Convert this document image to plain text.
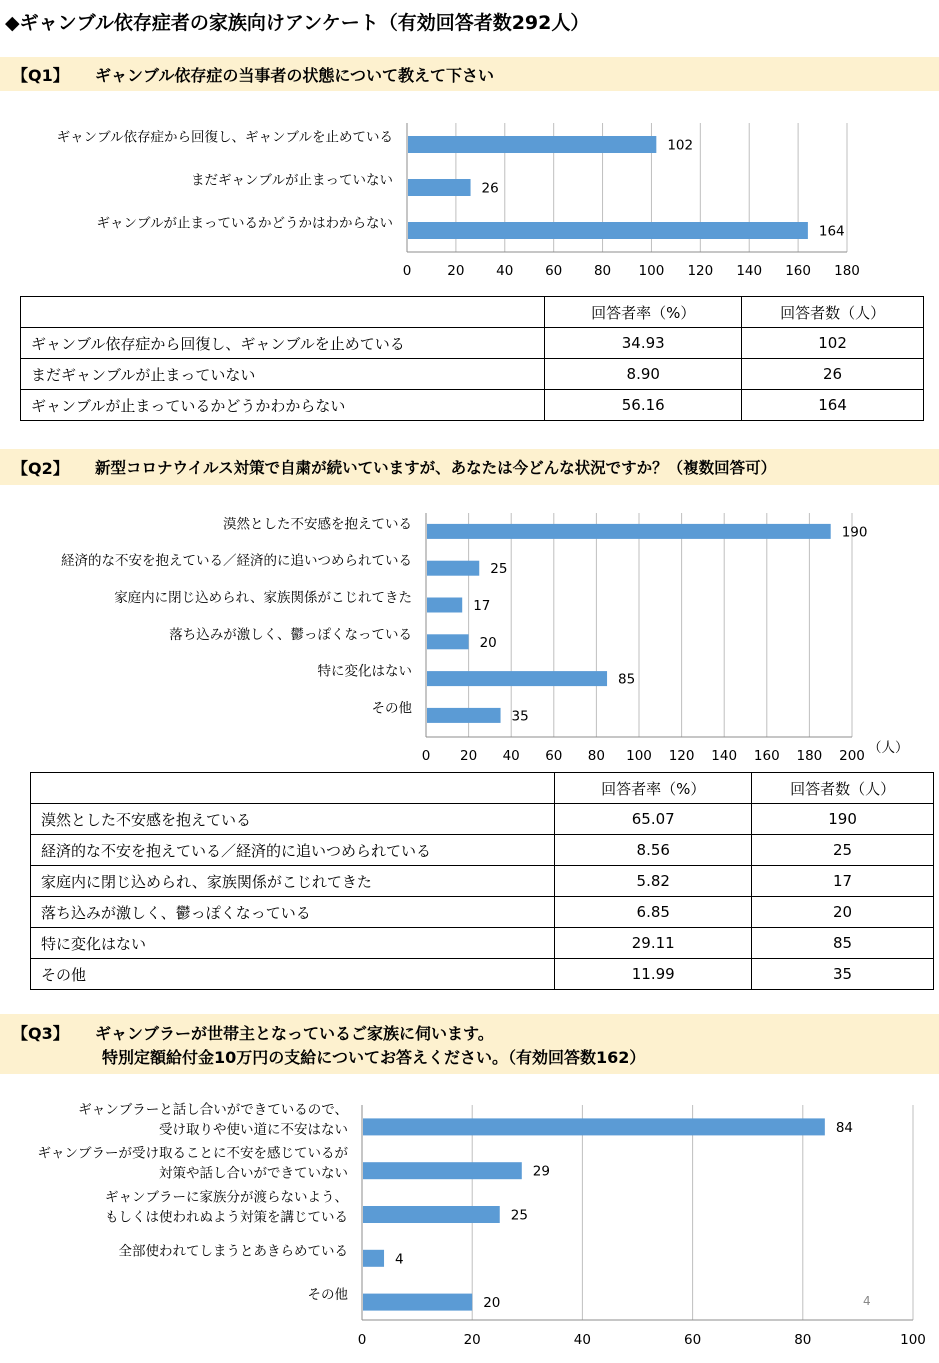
◆ギャンブル依存症者の家族向けアンケート（有効回答者数292人）
【Q1】 ギャンブル依存症の当事者の状態について教えて下さい
0	20 40 60 80 100 120 140 160 180
102
ギャンブル依存症から回復し、ギャンブルを止めている
26
まだギャンブルが止まっていない
164
ギャンブルが止まっているかどうかはわからない
	回答者率（%）	回答者数（人）
ギャンブル依存症から回復し、ギャンブルを止めている	34.93	102
まだギャンブルが止まっていない	8.90	26
ギャンブルが止まっているかどうかわからない	56.16	164
【Q2】 新型コロナウイルス対策で自粛が続いていますが、あなたは今どんな状況ですか？（複数回答可）
0 20 40 60 80 100 120 140 160 180 200 （人）
190
漠然とした不安感を抱えている
25
経済的な不安を抱えている／経済的に追いつめられている
17
家庭内に閉じ込められ、家族関係がこじれてきた
20
落ち込みが激しく、鬱っぽくなっている
85
特に変化はない
35
その他
	回答者率（%）	回答者数（人）
漠然とした不安感を抱えている	65.07	190
経済的な不安を抱えている／経済的に追いつめられている	8.56	25
家庭内に閉じ込められ、家族関係がこじれてきた	5.82	17
落ち込みが激しく、鬱っぽくなっている	6.85	20
特に変化はない	29.11	85
その他	11.99	35
【Q3】 ギャンブラーが世帯主となっているご家族に伺います。
特別定額給付金10万円の支給についてお答えください。（有効回答数162）
0	20	40	60	80	100
84
ギャンブラーと話し合いができているので、
受け取りや使い道に不安はない
29
ギャンブラーが受け取ることに不安を感じているが
対策や話し合いができていない
25
ギャンブラーに家族分が渡らないよう、
もしくは使われぬよう対策を講じている
4
全部使われてしまうとあきらめている
20
その他	4
